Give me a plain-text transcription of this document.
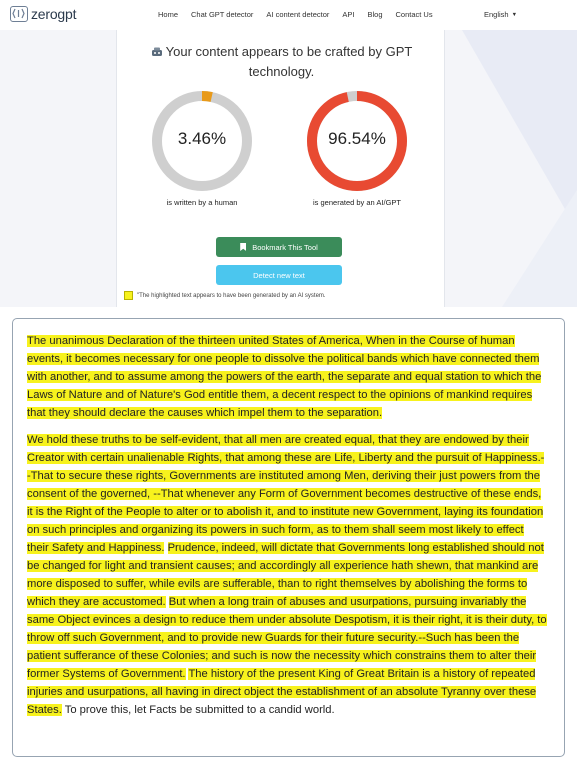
zerogpt	Home Chat GPT detector AI content detector API Blog Contact Us	English ▼
Your content appears to be crafted by GPT technology.
3.46%
is written by a human
96.54%
is generated by an AI/GPT
Bookmark This Tool
Detect new text
"The highlighted text appears to have been generated by an AI system.

The unanimous Declaration of the thirteen united States of America, When in the Course of human events, it becomes necessary for one people to dissolve the political bands which have connected them with another, and to assume among the powers of the earth, the separate and equal station to which the Laws of Nature and of Nature's God entitle them, a decent respect to the opinions of mankind requires that they should declare the causes which impel them to the separation.

We hold these truths to be self-evident, that all men are created equal, that they are endowed by their Creator with certain unalienable Rights, that among these are Life, Liberty and the pursuit of Happiness.--That to secure these rights, Governments are instituted among Men, deriving their just powers from the consent of the governed, --That whenever any Form of Government becomes destructive of these ends, it is the Right of the People to alter or to abolish it, and to institute new Government, laying its foundation on such principles and organizing its powers in such form, as to them shall seem most likely to effect their Safety and Happiness. Prudence, indeed, will dictate that Governments long established should not be changed for light and transient causes; and accordingly all experience hath shewn, that mankind are more disposed to suffer, while evils are sufferable, than to right themselves by abolishing the forms to which they are accustomed. But when a long train of abuses and usurpations, pursuing invariably the same Object evinces a design to reduce them under absolute Despotism, it is their right, it is their duty, to throw off such Government, and to provide new Guards for their future security.--Such has been the patient sufferance of these Colonies; and such is now the necessity which constrains them to alter their former Systems of Government. The history of the present King of Great Britain is a history of repeated injuries and usurpations, all having in direct object the establishment of an absolute Tyranny over these States. To prove this, let Facts be submitted to a candid world.
